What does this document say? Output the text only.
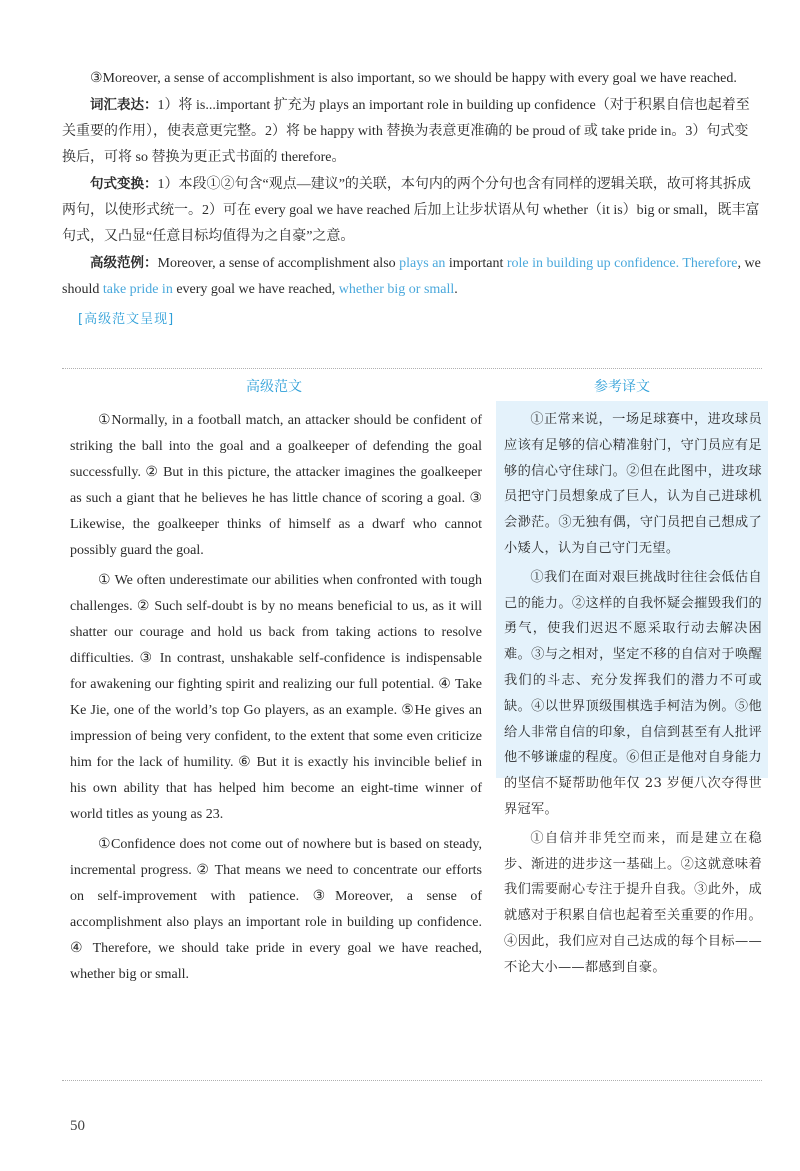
③Moreover, a sense of accomplishment is also important, so we should be happy with every goal we have reached.

词汇表达：1）将 is...important 扩充为 plays an important role in building up confidence（对于积累自信也起着至关重要的作用），使表意更完整。2）将 be happy with 替换为表意更准确的 be proud of 或 take pride in。3）句式变换后，可将 so 替换为更正式书面的 therefore。

句式变换：1）本段①②句含“观点—建议”的关联，本句内的两个分句也含有同样的逻辑关联，故可将其拆成两句，以使形式统一。2）可在 every goal we have reached 后加上让步状语从句 whether（it is）big or small，既丰富句式，又凸显“任意目标均值得为之自豪”之意。

高级范例：Moreover, a sense of accomplishment also plays an important role in building up confidence. Therefore, we should take pride in every goal we have reached, whether big or small.

[高级范文呈现]
高级范文	参考译文

①Normally, in a football match, an attacker should be confident of striking the ball into the goal and a goalkeeper of defending the goal successfully. ② But in this picture, the attacker imagines the goalkeeper as such a giant that he believes he has little chance of scoring a goal. ③ Likewise, the goalkeeper thinks of himself as a dwarf who cannot possibly guard the goal.

① We often underestimate our abilities when confronted with tough challenges. ② Such self-doubt is by no means beneficial to us, as it will shatter our courage and hold us back from taking actions to resolve difficulties. ③ In contrast, unshakable self-confidence is indispensable for awakening our fighting spirit and realizing our full potential. ④ Take Ke Jie, one of the world’s top Go players, as an example. ⑤He gives an impression of being very confident, to the extent that some even criticize him for the lack of humility. ⑥ But it is exactly his invincible belief in his own ability that has helped him become an eight-time winner of world titles as young as 23.

①Confidence does not come out of nowhere but is based on steady, incremental progress. ② That means we need to concentrate our efforts on self-improvement with patience. ③Moreover, a sense of accomplishment also plays an important role in building up confidence. ④ Therefore, we should take pride in every goal we have reached, whether big or small.

①正常来说，一场足球赛中，进攻球员应该有足够的信心精准射门，守门员应有足够的信心守住球门。②但在此图中，进攻球员把守门员想象成了巨人，认为自己进球机会渺茫。③无独有偶，守门员把自己想成了小矮人，认为自己守门无望。

①我们在面对艰巨挑战时往往会低估自己的能力。②这样的自我怀疑会摧毁我们的勇气，使我们迟迟不愿采取行动去解决困难。③与之相对，坚定不移的自信对于唤醒我们的斗志、充分发挥我们的潜力不可或缺。④以世界顶级围棋选手柯洁为例。⑤他给人非常自信的印象，自信到甚至有人批评他不够谦虚的程度。⑥但正是他对自身能力的坚信不疑帮助他年仅 23 岁便八次夺得世界冠军。

①自信并非凭空而来，而是建立在稳步、渐进的进步这一基础上。②这就意味着我们需要耐心专注于提升自我。③此外，成就感对于积累自信也起着至关重要的作用。④因此，我们应对自己达成的每个目标——不论大小——都感到自豪。

50
